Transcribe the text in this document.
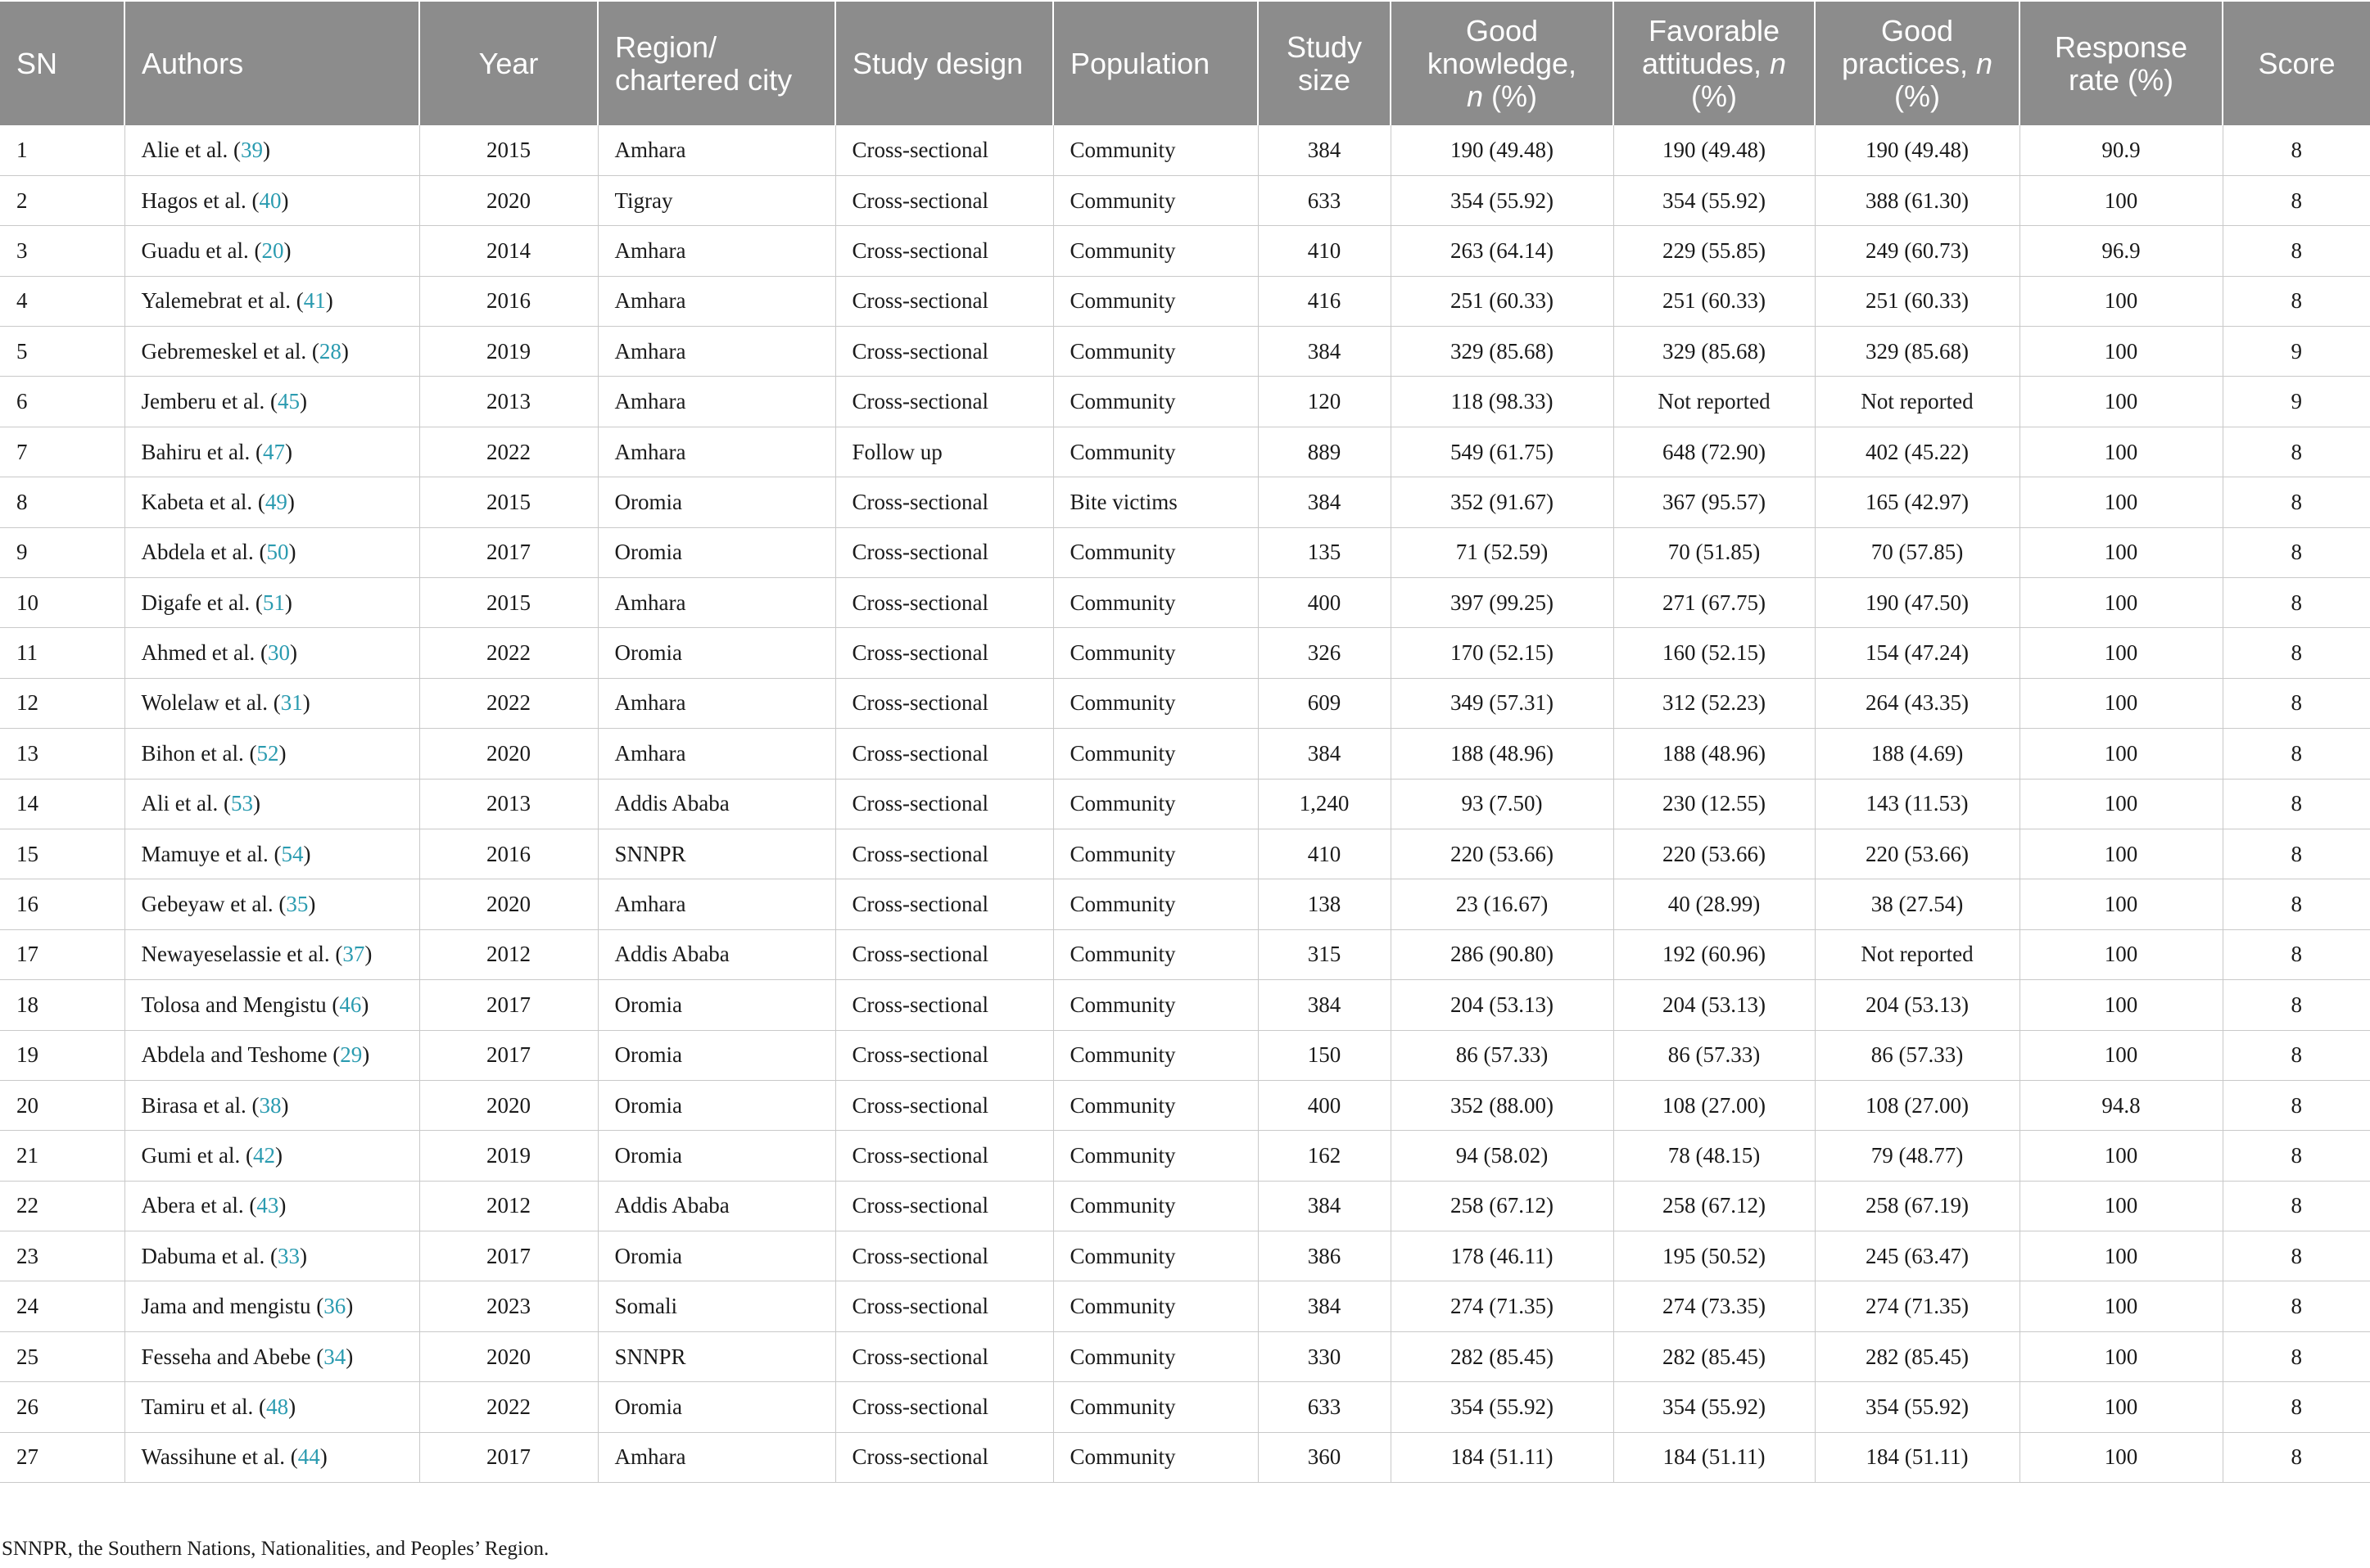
SN	Authors	Year	Region/
chartered city	Study design	Population	Study
size	Good
knowledge,
n (%)	Favorable
attitudes, n
(%)	Good
practices, n
(%)	Response
rate (%)	Score
1	Alie et al. (39)	2015	Amhara	Cross-sectional	Community	384	190 (49.48)	190 (49.48)	190 (49.48)	90.9	8
2	Hagos et al. (40)	2020	Tigray	Cross-sectional	Community	633	354 (55.92)	354 (55.92)	388 (61.30)	100	8
3	Guadu et al. (20)	2014	Amhara	Cross-sectional	Community	410	263 (64.14)	229 (55.85)	249 (60.73)	96.9	8
4	Yalemebrat et al. (41)	2016	Amhara	Cross-sectional	Community	416	251 (60.33)	251 (60.33)	251 (60.33)	100	8
5	Gebremeskel et al. (28)	2019	Amhara	Cross-sectional	Community	384	329 (85.68)	329 (85.68)	329 (85.68)	100	9
6	Jemberu et al. (45)	2013	Amhara	Cross-sectional	Community	120	118 (98.33)	Not reported	Not reported	100	9
7	Bahiru et al. (47)	2022	Amhara	Follow up	Community	889	549 (61.75)	648 (72.90)	402 (45.22)	100	8
8	Kabeta et al. (49)	2015	Oromia	Cross-sectional	Bite victims	384	352 (91.67)	367 (95.57)	165 (42.97)	100	8
9	Abdela et al. (50)	2017	Oromia	Cross-sectional	Community	135	71 (52.59)	70 (51.85)	70 (57.85)	100	8
10	Digafe et al. (51)	2015	Amhara	Cross-sectional	Community	400	397 (99.25)	271 (67.75)	190 (47.50)	100	8
11	Ahmed et al. (30)	2022	Oromia	Cross-sectional	Community	326	170 (52.15)	160 (52.15)	154 (47.24)	100	8
12	Wolelaw et al. (31)	2022	Amhara	Cross-sectional	Community	609	349 (57.31)	312 (52.23)	264 (43.35)	100	8
13	Bihon et al. (52)	2020	Amhara	Cross-sectional	Community	384	188 (48.96)	188 (48.96)	188 (4.69)	100	8
14	Ali et al. (53)	2013	Addis Ababa	Cross-sectional	Community	1,240	93 (7.50)	230 (12.55)	143 (11.53)	100	8
15	Mamuye et al. (54)	2016	SNNPR	Cross-sectional	Community	410	220 (53.66)	220 (53.66)	220 (53.66)	100	8
16	Gebeyaw et al. (35)	2020	Amhara	Cross-sectional	Community	138	23 (16.67)	40 (28.99)	38 (27.54)	100	8
17	Newayeselassie et al. (37)	2012	Addis Ababa	Cross-sectional	Community	315	286 (90.80)	192 (60.96)	Not reported	100	8
18	Tolosa and Mengistu (46)	2017	Oromia	Cross-sectional	Community	384	204 (53.13)	204 (53.13)	204 (53.13)	100	8
19	Abdela and Teshome (29)	2017	Oromia	Cross-sectional	Community	150	86 (57.33)	86 (57.33)	86 (57.33)	100	8
20	Birasa et al. (38)	2020	Oromia	Cross-sectional	Community	400	352 (88.00)	108 (27.00)	108 (27.00)	94.8	8
21	Gumi et al. (42)	2019	Oromia	Cross-sectional	Community	162	94 (58.02)	78 (48.15)	79 (48.77)	100	8
22	Abera et al. (43)	2012	Addis Ababa	Cross-sectional	Community	384	258 (67.12)	258 (67.12)	258 (67.19)	100	8
23	Dabuma et al. (33)	2017	Oromia	Cross-sectional	Community	386	178 (46.11)	195 (50.52)	245 (63.47)	100	8
24	Jama and mengistu (36)	2023	Somali	Cross-sectional	Community	384	274 (71.35)	274 (73.35)	274 (71.35)	100	8
25	Fesseha and Abebe (34)	2020	SNNPR	Cross-sectional	Community	330	282 (85.45)	282 (85.45)	282 (85.45)	100	8
26	Tamiru et al. (48)	2022	Oromia	Cross-sectional	Community	633	354 (55.92)	354 (55.92)	354 (55.92)	100	8
27	Wassihune et al. (44)	2017	Amhara	Cross-sectional	Community	360	184 (51.11)	184 (51.11)	184 (51.11)	100	8
SNNPR, the Southern Nations, Nationalities, and Peoples’ Region.
